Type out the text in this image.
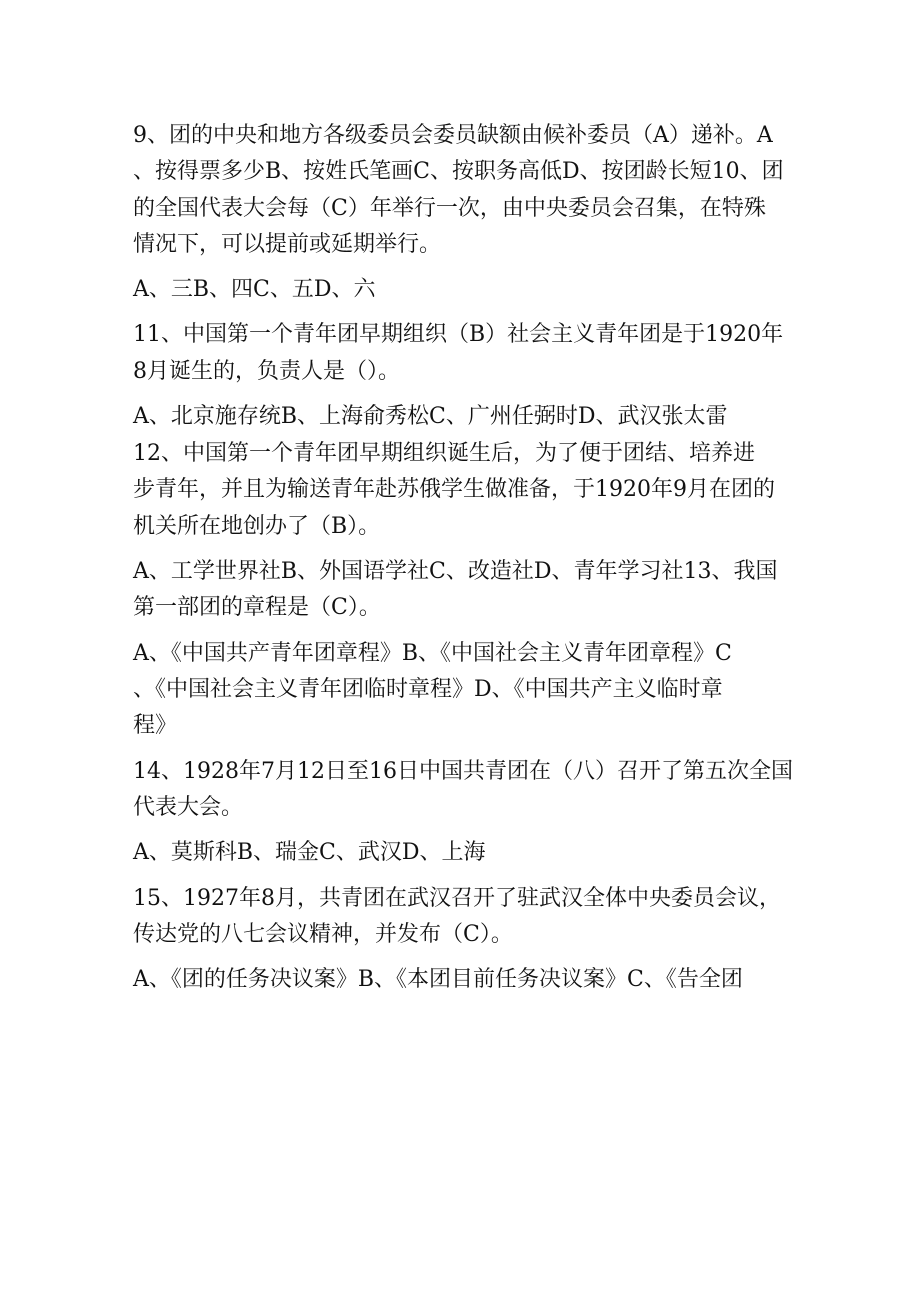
9、团的中央和地方各级委员会委员缺额由候补委员（A）递补。A
、按得票多少B、按姓氏笔画C、按职务高低D、按团龄长短10、团
的全国代表大会每（C）年举行一次，由中央委员会召集，在特殊
情况下，可以提前或延期举行。
A、三B、四C、五D、六
11、中国第一个青年团早期组织（B）社会主义青年团是于1920年
8月诞生的，负责人是（）。
A、北京施存统B、上海俞秀松C、广州任弼时D、武汉张太雷
12、中国第一个青年团早期组织诞生后，为了便于团结、培养进
步青年，并且为输送青年赴苏俄学生做准备，于1920年9月在团的
机关所在地创办了（B）。
A、工学世界社B、外国语学社C、改造社D、青年学习社13、我国
第一部团的章程是（C）。
A、《中国共产青年团章程》B、《中国社会主义青年团章程》C
、《中国社会主义青年团临时章程》D、《中国共产主义临时章
程》
14、1928年7月12日至16日中国共青团在（八）召开了第五次全国
代表大会。
A、莫斯科B、瑞金C、武汉D、上海
15、1927年8月，共青团在武汉召开了驻武汉全体中央委员会议，
传达党的八七会议精神，并发布（C）。
A、《团的任务决议案》B、《本团目前任务决议案》C、《告全团
